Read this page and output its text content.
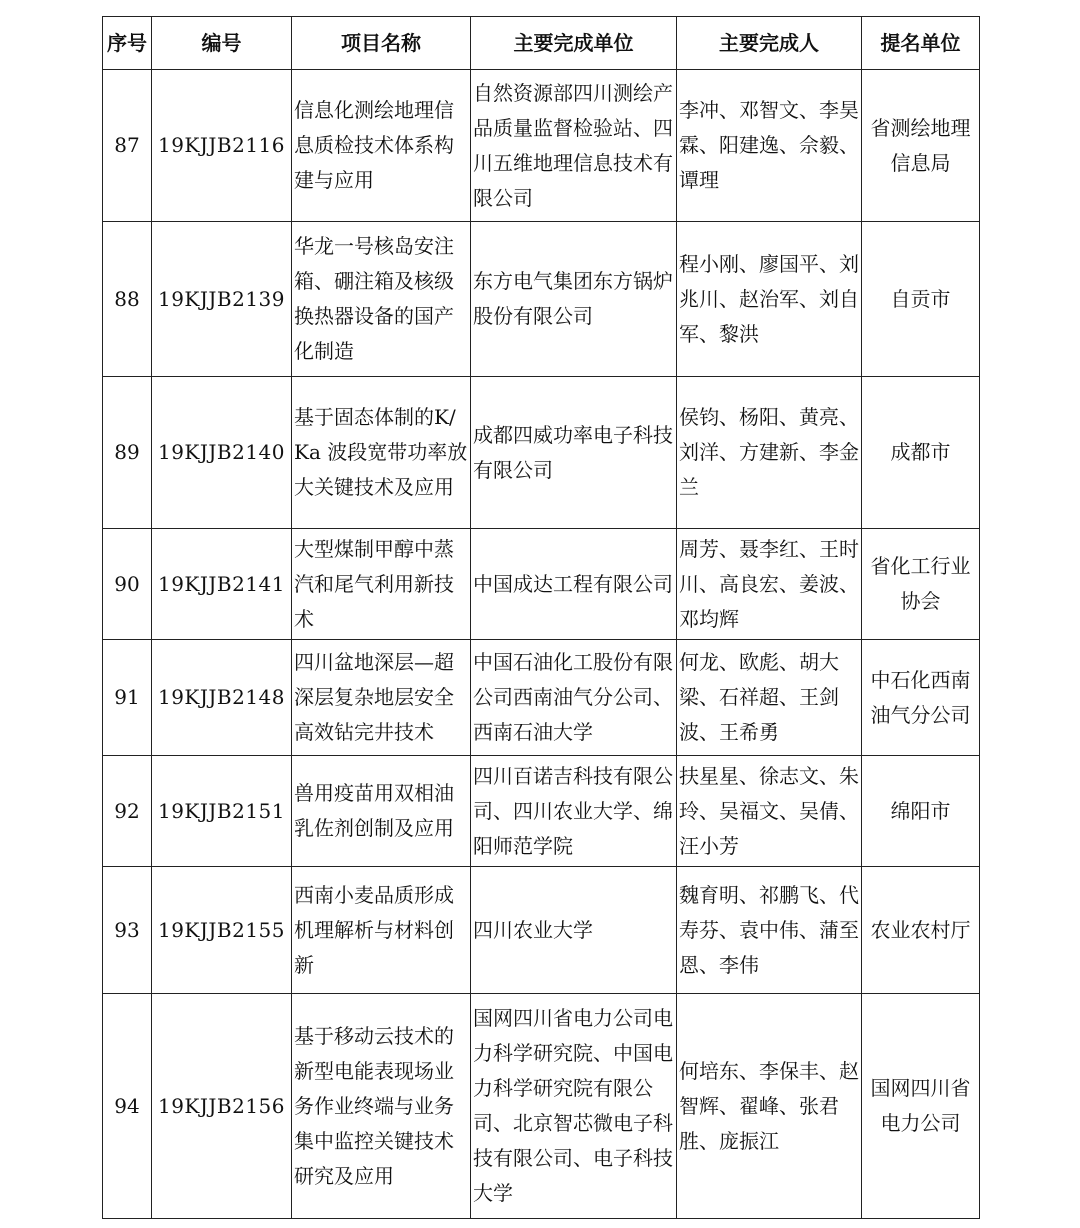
序号	编号	项目名称	主要完成单位	主要完成人	提名单位
87	19KJJB2116	信息化测绘地理信息质检技术体系构建与应用	自然资源部四川测绘产品质量监督检验站、四川五维地理信息技术有限公司	李冲、邓智文、李昊霖、阳建逸、佘毅、谭理	省测绘地理信息局
88	19KJJB2139	华龙一号核岛安注箱、硼注箱及核级换热器设备的国产化制造	东方电气集团东方锅炉股份有限公司	程小刚、廖国平、刘兆川、赵治军、刘自军、黎洪	自贡市
89	19KJJB2140	基于固态体制的K/Ka 波段宽带功率放大关键技术及应用	成都四威功率电子科技有限公司	侯钧、杨阳、黄亮、刘洋、方建新、李金兰	成都市
90	19KJJB2141	大型煤制甲醇中蒸汽和尾气利用新技术	中国成达工程有限公司	周芳、聂李红、王时川、高良宏、姜波、邓均辉	省化工行业协会
91	19KJJB2148	四川盆地深层—超深层复杂地层安全高效钻完井技术	中国石油化工股份有限公司西南油气分公司、西南石油大学	何龙、欧彪、胡大梁、石祥超、王剑波、王希勇	中石化西南油气分公司
92	19KJJB2151	兽用疫苗用双相油乳佐剂创制及应用	四川百诺吉科技有限公司、四川农业大学、绵阳师范学院	扶星星、徐志文、朱玲、吴福文、吴倩、汪小芳	绵阳市
93	19KJJB2155	西南小麦品质形成机理解析与材料创新	四川农业大学	魏育明、祁鹏飞、代寿芬、袁中伟、蒲至恩、李伟	农业农村厅
94	19KJJB2156	基于移动云技术的新型电能表现场业务作业终端与业务集中监控关键技术研究及应用	国网四川省电力公司电力科学研究院、中国电力科学研究院有限公司、北京智芯微电子科技有限公司、电子科技大学	何培东、李保丰、赵智辉、翟峰、张君胜、庞振江	国网四川省电力公司
